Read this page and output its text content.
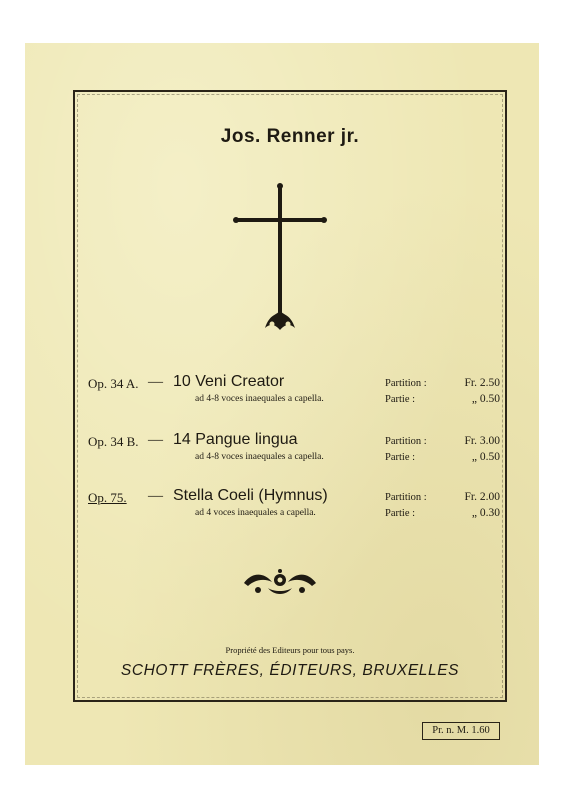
Jos. Renner jr.
Op. 34 A. — 10 Veni Creator	Partition :	Fr. 2.50
ad 4-8 voces inaequales a capella.	Partie :	„ 0.50
Op. 34 B. — 14 Pangue lingua	Partition :	Fr. 3.00
ad 4-8 voces inaequales a capella.	Partie :	„ 0.50
Op. 75. — Stella Coeli (Hymnus)	Partition :	Fr. 2.00
ad 4 voces inaequales a capella.	Partie :	„ 0.30
Propriété des Editeurs pour tous pays.
SCHOTT FRÈRES, ÉDITEURS, BRUXELLES
Pr. n. M. 1.60
